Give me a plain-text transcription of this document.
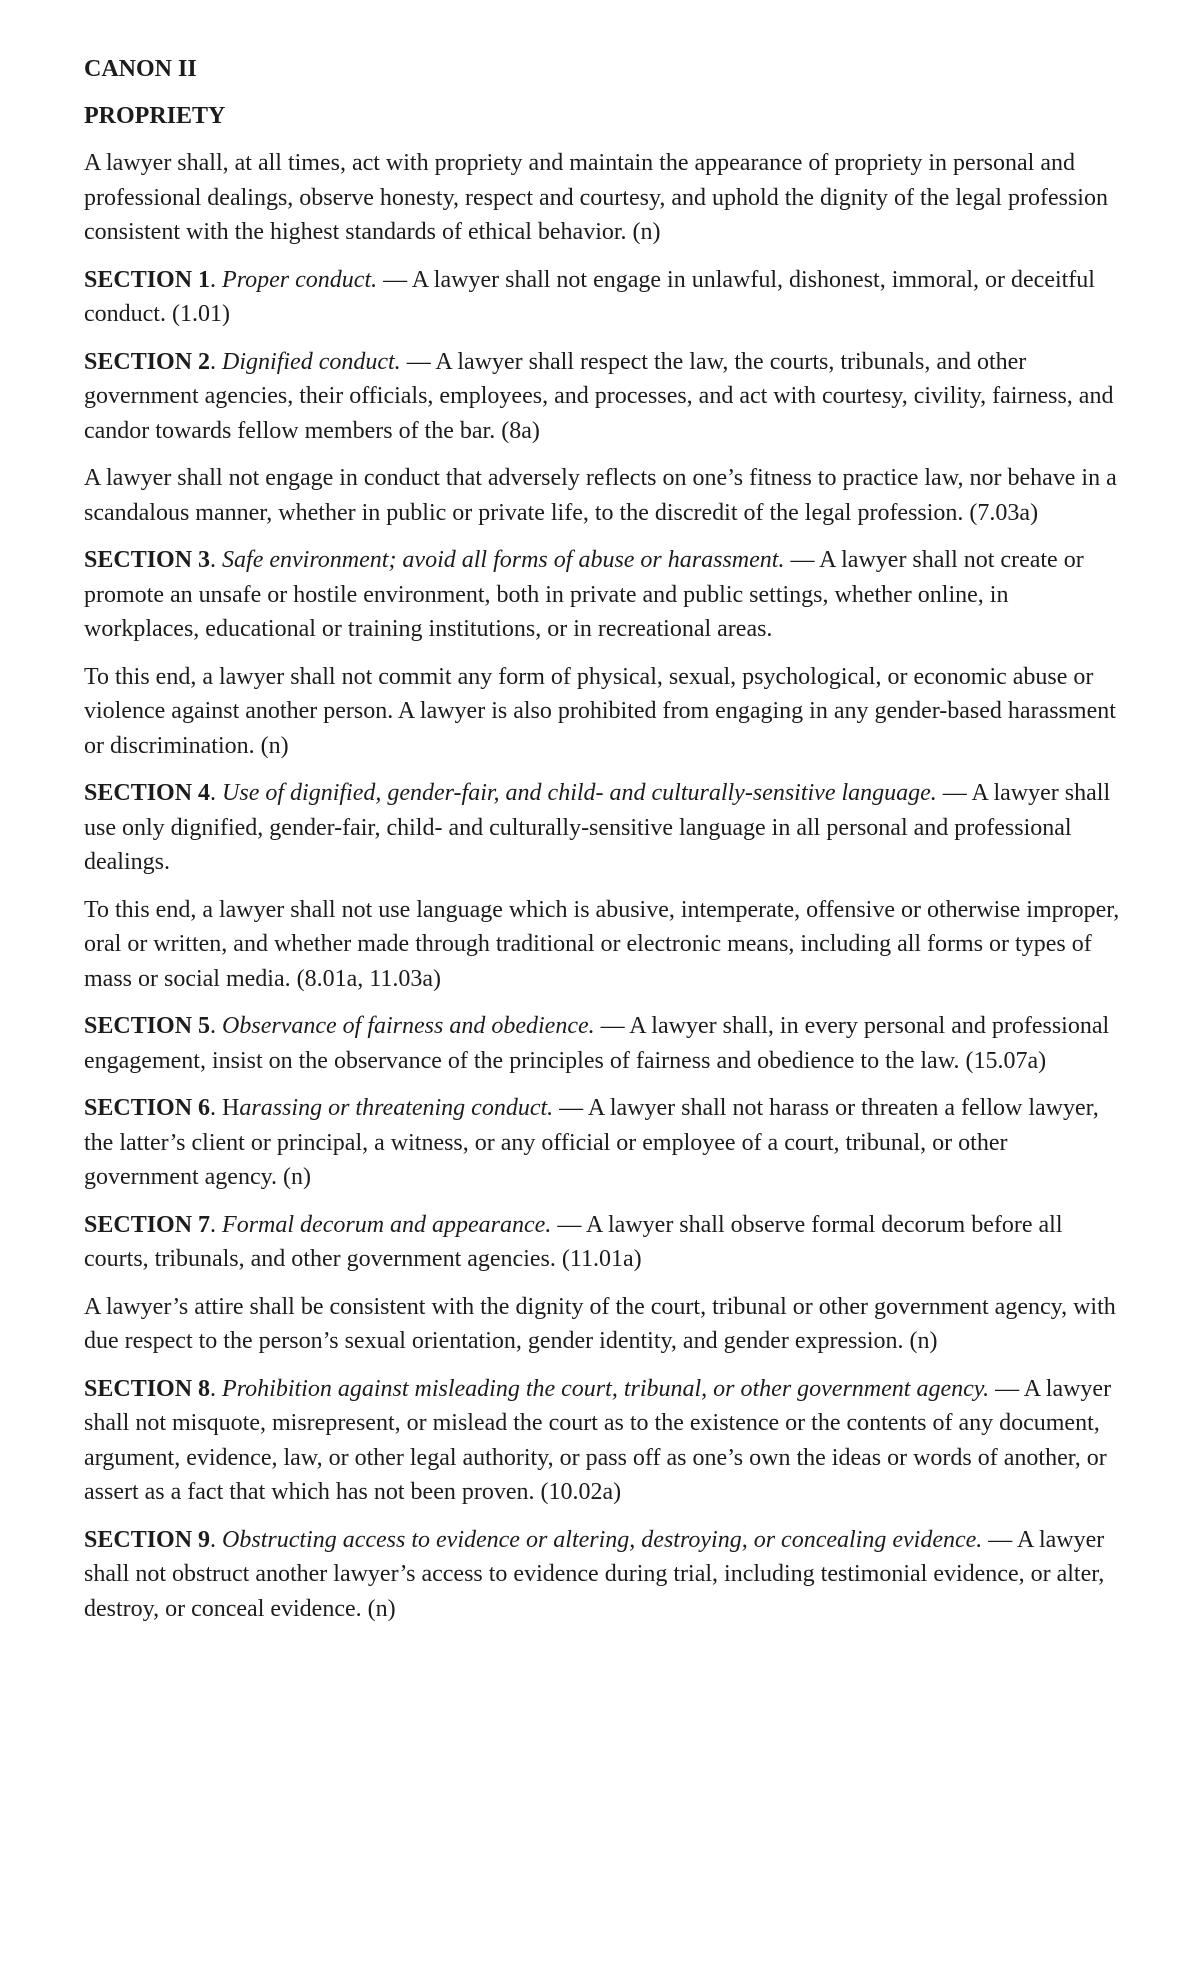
CANON II
PROPRIETY

A lawyer shall, at all times, act with propriety and maintain the appearance of propriety in personal and professional dealings, observe honesty, respect and courtesy, and uphold the dignity of the legal profession consistent with the highest standards of ethical behavior. (n)

SECTION 1. Proper conduct. — A lawyer shall not engage in unlawful, dishonest, immoral, or deceitful conduct. (1.01)

SECTION 2. Dignified conduct. — A lawyer shall respect the law, the courts, tribunals, and other government agencies, their officials, employees, and processes, and act with courtesy, civility, fairness, and candor towards fellow members of the bar. (8a)

A lawyer shall not engage in conduct that adversely reflects on one’s fitness to practice law, nor behave in a scandalous manner, whether in public or private life, to the discredit of the legal profession. (7.03a)

SECTION 3. Safe environment; avoid all forms of abuse or harassment. — A lawyer shall not create or promote an unsafe or hostile environment, both in private and public settings, whether online, in workplaces, educational or training institutions, or in recreational areas.

To this end, a lawyer shall not commit any form of physical, sexual, psychological, or economic abuse or violence against another person. A lawyer is also prohibited from engaging in any gender-based harassment or discrimination. (n)

SECTION 4. Use of dignified, gender-fair, and child- and culturally-sensitive language. — A lawyer shall use only dignified, gender-fair, child- and culturally-sensitive language in all personal and professional dealings.

To this end, a lawyer shall not use language which is abusive, intemperate, offensive or otherwise improper, oral or written, and whether made through traditional or electronic means, including all forms or types of mass or social media. (8.01a, 11.03a)

SECTION 5. Observance of fairness and obedience. — A lawyer shall, in every personal and professional engagement, insist on the observance of the principles of fairness and obedience to the law. (15.07a)

SECTION 6. Harassing or threatening conduct. — A lawyer shall not harass or threaten a fellow lawyer, the latter’s client or principal, a witness, or any official or employee of a court, tribunal, or other government agency. (n)

SECTION 7. Formal decorum and appearance. — A lawyer shall observe formal decorum before all courts, tribunals, and other government agencies. (11.01a)

A lawyer’s attire shall be consistent with the dignity of the court, tribunal or other government agency, with due respect to the person’s sexual orientation, gender identity, and gender expression. (n)

SECTION 8. Prohibition against misleading the court, tribunal, or other government agency. — A lawyer shall not misquote, misrepresent, or mislead the court as to the existence or the contents of any document, argument, evidence, law, or other legal authority, or pass off as one’s own the ideas or words of another, or assert as a fact that which has not been proven. (10.02a)

SECTION 9. Obstructing access to evidence or altering, destroying, or concealing evidence. — A lawyer shall not obstruct another lawyer’s access to evidence during trial, including testimonial evidence, or alter, destroy, or conceal evidence. (n)
